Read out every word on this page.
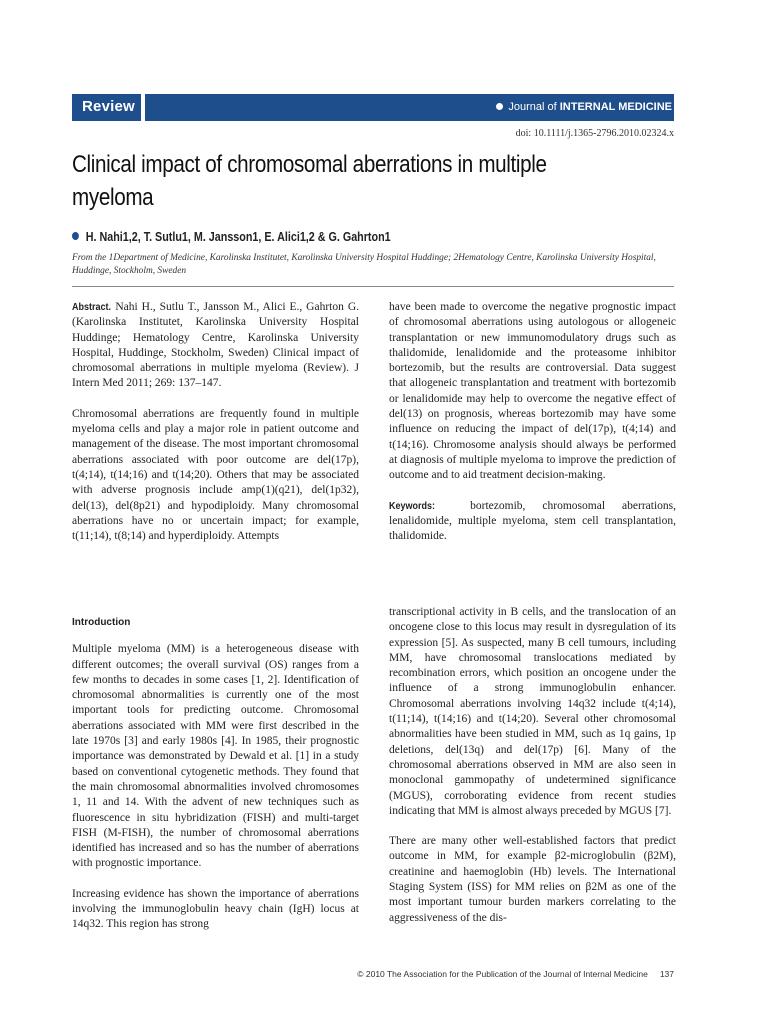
Review	Journal of INTERNAL MEDICINE
doi: 10.1111/j.1365-2796.2010.02324.x
Clinical impact of chromosomal aberrations in multiple
myeloma
H. Nahi1,2, T. Sutlu1, M. Jansson1, E. Alici1,2 & G. Gahrton1
From the 1Department of Medicine, Karolinska Institutet, Karolinska University Hospital Huddinge; 2Hematology Centre, Karolinska University Hospital, Huddinge, Stockholm, Sweden

Abstract. Nahi H., Sutlu T., Jansson M., Alici E., Gahrton G. (Karolinska Institutet, Karolinska University Hospital Huddinge; Hematology Centre, Karolinska University Hospital, Huddinge, Stockholm, Sweden) Clinical impact of chromosomal aberrations in multiple myeloma (Review). J Intern Med 2011; 269: 137–147.

Chromosomal aberrations are frequently found in multiple myeloma cells and play a major role in patient outcome and management of the disease. The most important chromosomal aberrations associated with poor outcome are del(17p), t(4;14), t(14;16) and t(14;20). Others that may be associated with adverse prognosis include amp(1)(q21), del(1p32), del(13), del(8p21) and hypodiploidy. Many chromosomal aberrations have no or uncertain impact; for example, t(11;14), t(8;14) and hyperdiploidy. Attempts

have been made to overcome the negative prognostic impact of chromosomal aberrations using autologous or allogeneic transplantation or new immunomodulatory drugs such as thalidomide, lenalidomide and the proteasome inhibitor bortezomib, but the results are controversial. Data suggest that allogeneic transplantation and treatment with bortezomib or lenalidomide may help to overcome the negative effect of del(13) on prognosis, whereas bortezomib may have some influence on reducing the impact of del(17p), t(4;14) and t(14;16). Chromosome analysis should always be performed at diagnosis of multiple myeloma to improve the prediction of outcome and to aid treatment decision-making.

Keywords:	bortezomib, chromosomal aberrations, lenalidomide, multiple myeloma, stem cell transplantation, thalidomide.

Introduction

Multiple myeloma (MM) is a heterogeneous disease with different outcomes; the overall survival (OS) ranges from a few months to decades in some cases [1, 2]. Identification of chromosomal abnormalities is currently one of the most important tools for predicting outcome. Chromosomal aberrations associated with MM were first described in the late 1970s [3] and early 1980s [4]. In 1985, their prognostic importance was demonstrated by Dewald et al. [1] in a study based on conventional cytogenetic methods. They found that the main chromosomal abnormalities involved chromosomes 1, 11 and 14. With the advent of new techniques such as fluorescence in situ hybridization (FISH) and multi-target FISH (M-FISH), the number of chromosomal aberrations identified has increased and so has the number of aberrations with prognostic importance.

Increasing evidence has shown the importance of aberrations involving the immunoglobulin heavy chain (IgH) locus at 14q32. This region has strong

transcriptional activity in B cells, and the translocation of an oncogene close to this locus may result in dysregulation of its expression [5]. As suspected, many B cell tumours, including MM, have chromosomal translocations mediated by recombination errors, which position an oncogene under the influence of a strong immunoglobulin enhancer. Chromosomal aberrations involving 14q32 include t(4;14), t(11;14), t(14;16) and t(14;20). Several other chromosomal abnormalities have been studied in MM, such as 1q gains, 1p deletions, del(13q) and del(17p) [6]. Many of the chromosomal aberrations observed in MM are also seen in monoclonal gammopathy of undetermined significance (MGUS), corroborating evidence from recent studies indicating that MM is almost always preceded by MGUS [7].

There are many other well-established factors that predict outcome in MM, for example β2-microglobulin (β2M), creatinine and haemoglobin (Hb) levels. The International Staging System (ISS) for MM relies on β2M as one of the most important tumour burden markers correlating to the aggressiveness of the dis-

© 2010 The Association for the Publication of the Journal of Internal Medicine 137
